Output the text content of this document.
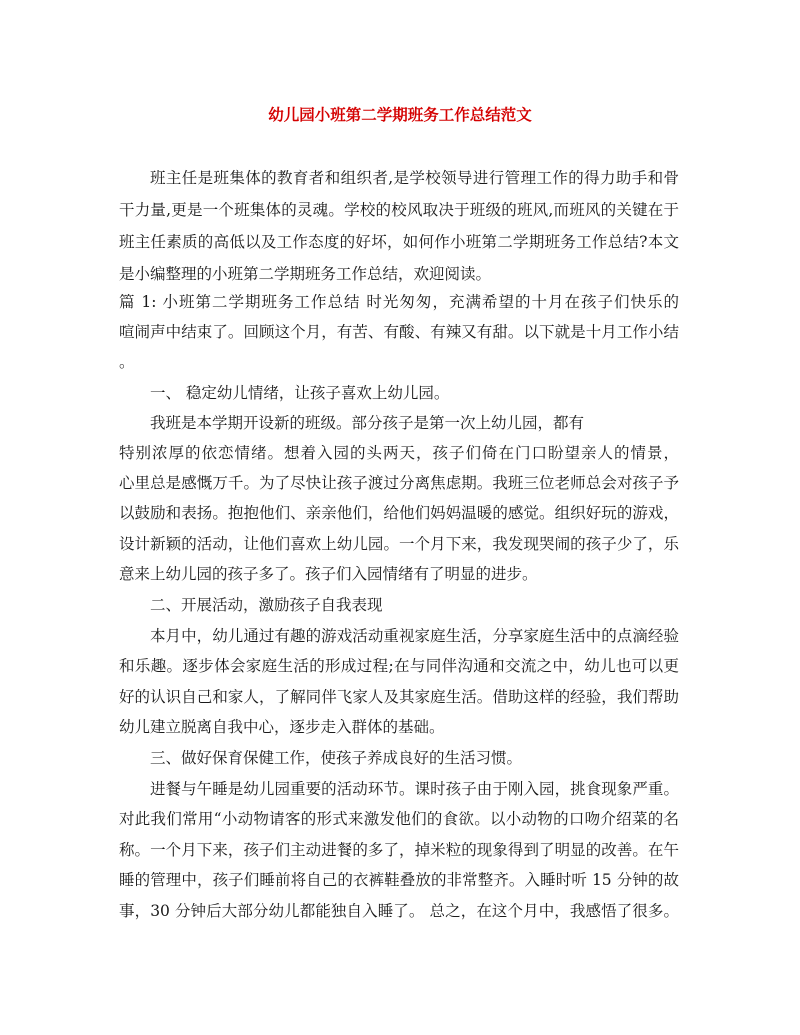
幼儿园小班第二学期班务工作总结范文
班主任是班集体的教育者和组织者,是学校领导进行管理工作的得力助手和骨
干力量,更是一个班集体的灵魂。学校的校风取决于班级的班风,而班风的关键在于
班主任素质的高低以及工作态度的好坏，如何作小班第二学期班务工作总结?本文
是小编整理的小班第二学期班务工作总结，欢迎阅读。
篇 1: 小班第二学期班务工作总结 时光匆匆，充满希望的十月在孩子们快乐的
喧闹声中结束了。回顾这个月，有苦、有酸、有辣又有甜。以下就是十月工作小结
。
一、 稳定幼儿情绪，让孩子喜欢上幼儿园。
我班是本学期开设新的班级。部分孩子是第一次上幼儿园，都有
特别浓厚的依恋情绪。想着入园的头两天，孩子们倚在门口盼望亲人的情景，
心里总是感慨万千。为了尽快让孩子渡过分离焦虑期。我班三位老师总会对孩子予
以鼓励和表扬。抱抱他们、亲亲他们，给他们妈妈温暖的感觉。组织好玩的游戏，
设计新颖的活动，让他们喜欢上幼儿园。一个月下来，我发现哭闹的孩子少了，乐
意来上幼儿园的孩子多了。孩子们入园情绪有了明显的进步。
二、开展活动，激励孩子自我表现
本月中，幼儿通过有趣的游戏活动重视家庭生活，分享家庭生活中的点滴经验
和乐趣。逐步体会家庭生活的形成过程;在与同伴沟通和交流之中，幼儿也可以更
好的认识自己和家人，了解同伴飞家人及其家庭生活。借助这样的经验，我们帮助
幼儿建立脱离自我中心，逐步走入群体的基础。
三、做好保育保健工作，使孩子养成良好的生活习惯。
进餐与午睡是幼儿园重要的活动环节。课时孩子由于刚入园，挑食现象严重。
对此我们常用“小动物请客的形式来激发他们的食欲。以小动物的口吻介绍菜的名
称。一个月下来，孩子们主动进餐的多了，掉米粒的现象得到了明显的改善。在午
睡的管理中，孩子们睡前将自己的衣裤鞋叠放的非常整齐。入睡时听 15 分钟的故
事，30 分钟后大部分幼儿都能独自入睡了。 总之，在这个月中，我感悟了很多。
